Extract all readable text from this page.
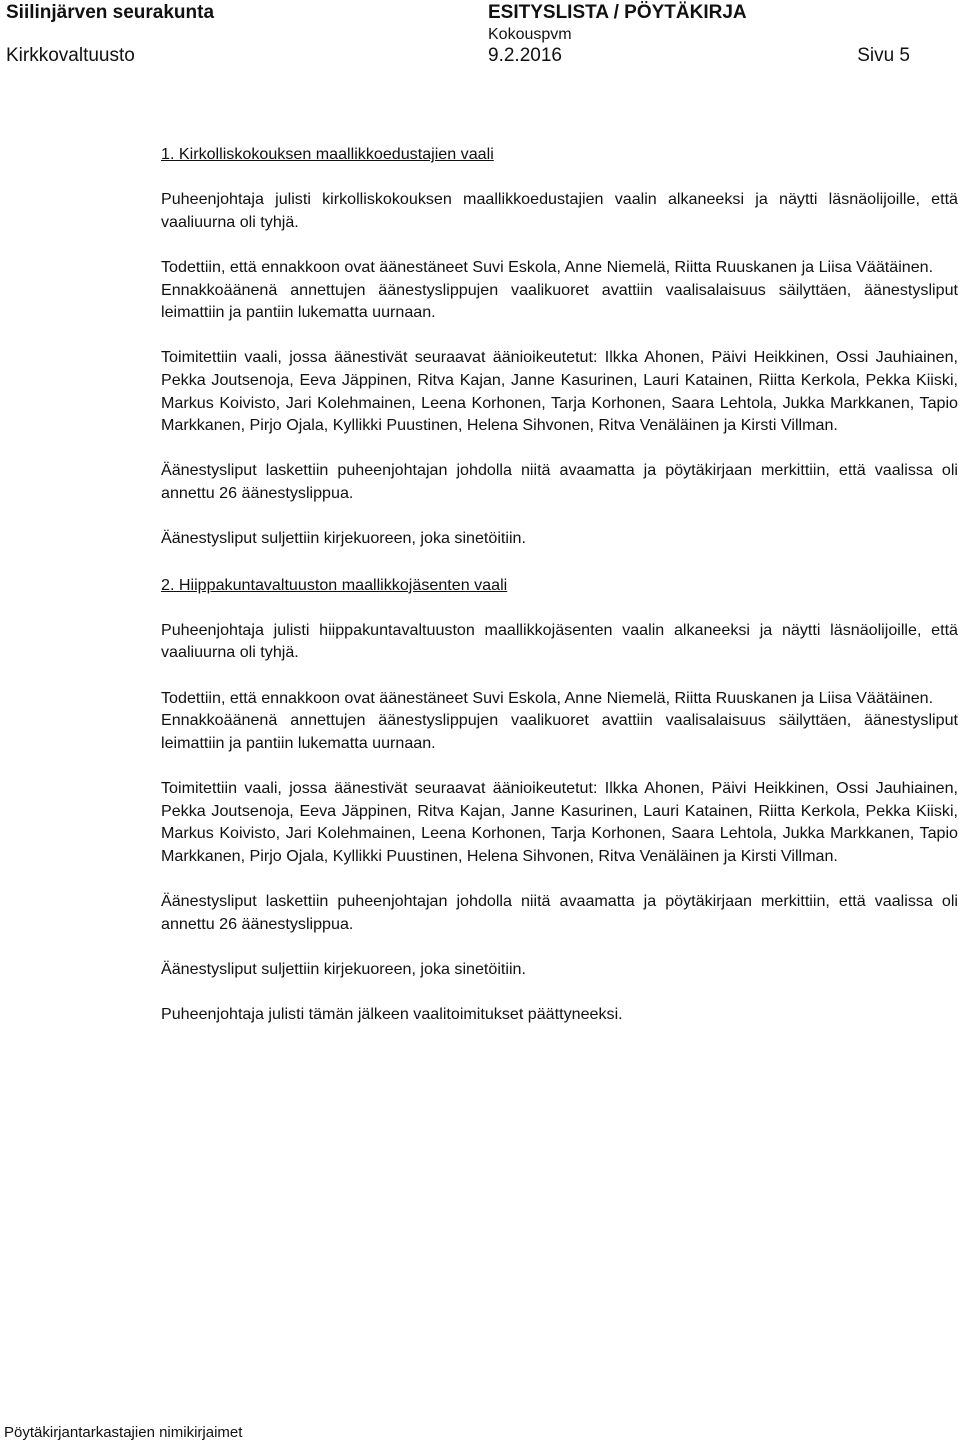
Siilinjärven seurakunta	ESITYSLISTA / PÖYTÄKIRJA
Kokouspvm
Kirkkovaltuusto	9.2.2016	Sivu 5

1. Kirkolliskokouksen maallikkoedustajien vaali

Puheenjohtaja julisti kirkolliskokouksen maallikkoedustajien vaalin alkaneeksi ja näytti läsnäolijoille, että vaaliuurna oli tyhjä.

Todettiin, että ennakkoon ovat äänestäneet Suvi Eskola, Anne Niemelä, Riitta Ruuskanen ja Liisa Väätäinen.

Ennakkoäänenä annettujen äänestyslippujen vaalikuoret avattiin vaalisalaisuus säilyttäen, äänestysliput leimattiin ja pantiin lukematta uurnaan.

Toimitettiin vaali, jossa äänestivät seuraavat äänioikeutetut: Ilkka Ahonen, Päivi Heikkinen, Ossi Jauhiainen, Pekka Joutsenoja, Eeva Jäppinen, Ritva Kajan, Janne Kasurinen, Lauri Katainen, Riitta Kerkola, Pekka Kiiski, Markus Koivisto, Jari Kolehmainen, Leena Korhonen, Tarja Korhonen, Saara Lehtola, Jukka Markkanen, Tapio Markkanen, Pirjo Ojala, Kyllikki Puustinen, Helena Sihvonen, Ritva Venäläinen ja Kirsti Villman.

Äänestysliput laskettiin puheenjohtajan johdolla niitä avaamatta ja pöytäkirjaan merkittiin, että vaalissa oli annettu 26 äänestyslippua.

Äänestysliput suljettiin kirjekuoreen, joka sinetöitiin.

2. Hiippakuntavaltuuston maallikkojäsenten vaali

Puheenjohtaja julisti hiippakuntavaltuuston maallikkojäsenten vaalin alkaneeksi ja näytti läsnäolijoille, että vaaliuurna oli tyhjä.

Todettiin, että ennakkoon ovat äänestäneet Suvi Eskola, Anne Niemelä, Riitta Ruuskanen ja Liisa Väätäinen.

Ennakkoäänenä annettujen äänestyslippujen vaalikuoret avattiin vaalisalaisuus säilyttäen, äänestysliput leimattiin ja pantiin lukematta uurnaan.

Toimitettiin vaali, jossa äänestivät seuraavat äänioikeutetut: Ilkka Ahonen, Päivi Heikkinen, Ossi Jauhiainen, Pekka Joutsenoja, Eeva Jäppinen, Ritva Kajan, Janne Kasurinen, Lauri Katainen, Riitta Kerkola, Pekka Kiiski, Markus Koivisto, Jari Kolehmainen, Leena Korhonen, Tarja Korhonen, Saara Lehtola, Jukka Markkanen, Tapio Markkanen, Pirjo Ojala, Kyllikki Puustinen, Helena Sihvonen, Ritva Venäläinen ja Kirsti Villman.

Äänestysliput laskettiin puheenjohtajan johdolla niitä avaamatta ja pöytäkirjaan merkittiin, että vaalissa oli annettu 26 äänestyslippua.

Äänestysliput suljettiin kirjekuoreen, joka sinetöitiin.

Puheenjohtaja julisti tämän jälkeen vaalitoimitukset päättyneeksi.

Pöytäkirjantarkastajien nimikirjaimet
